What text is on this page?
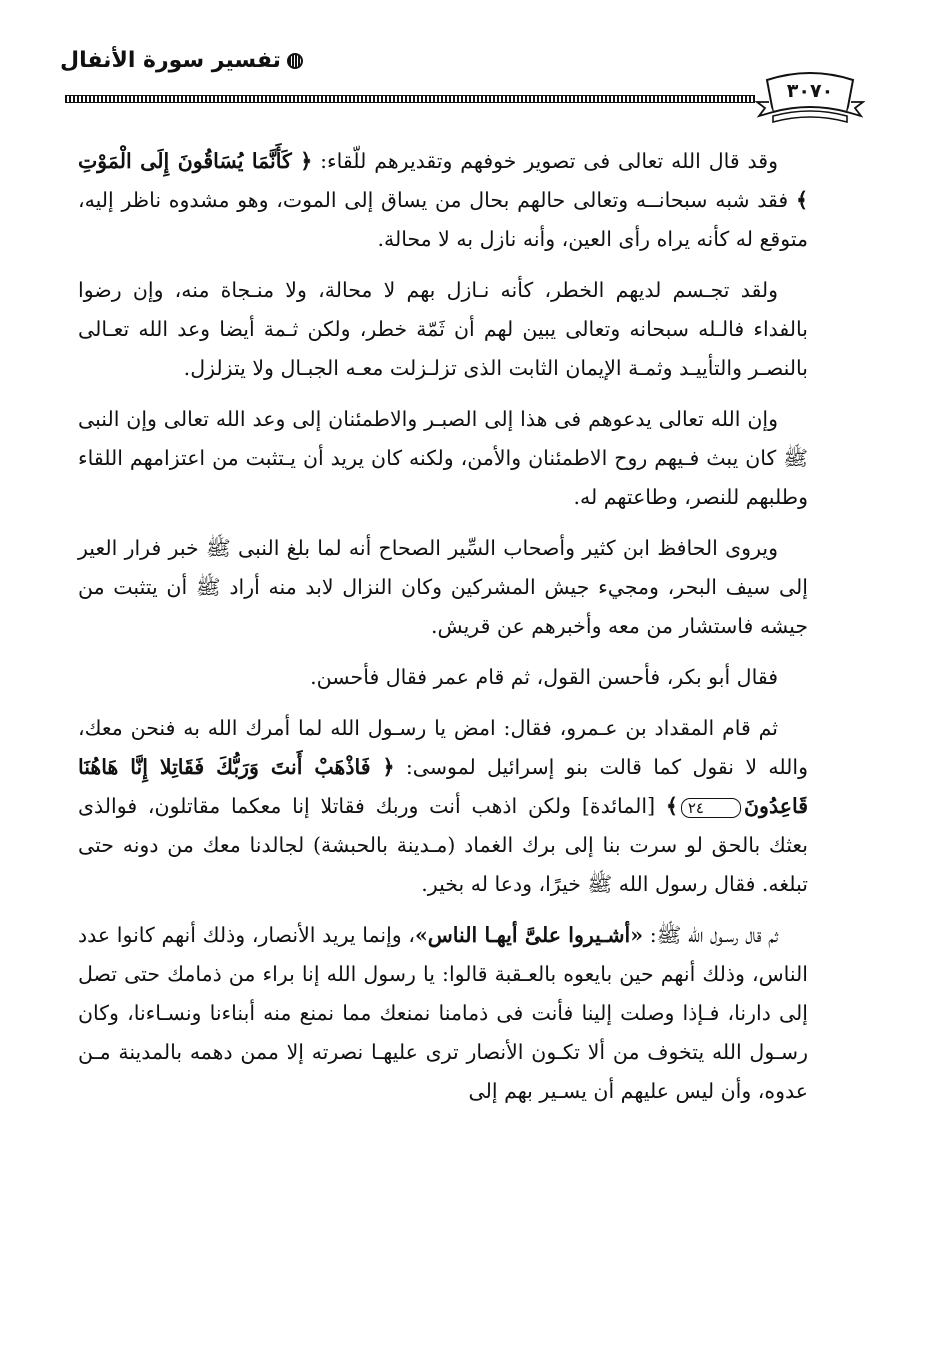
تفسير سورة الأنفال
٣٠٧٠

وقد قال الله تعالى فى تصوير خوفهم وتقديرهم للّقاء: ﴿ كَأَنَّمَا يُسَاقُونَ إِلَى الْمَوْتِ ﴾ فقد شبه سبحانــه وتعالى حالهم بحال من يساق إلى الموت، وهو مشدوه ناظر إليه، متوقع له كأنه يراه رأى العين، وأنه نازل به لا محالة.

ولقد تجـسم لديهم الخطر، كأنه نـازل بهم لا محالة، ولا منـجاة منه، وإن رضوا بالفداء فالـله سبحانه وتعالى يبين لهم أن ثَمّة خطر، ولكن ثـمة أيضا وعد الله تعـالى بالنصـر والتأييـد وثمـة الإيمان الثابت الذى تزلـزلت معـه الجبـال ولا يتزلزل.

وإن الله تعالى يدعوهم فى هذا إلى الصبـر والاطمئنان إلى وعد الله تعالى وإن النبى ﷺ كان يبث فـيهم روح الاطمئنان والأمن، ولكنه كان يريد أن يـتثبت من اعتزامهم اللقاء وطلبهم للنصر، وطاعتهم له.

ويروى الحافظ ابن كثير وأصحاب السِّير الصحاح أنه لما بلغ النبى ﷺ خبر فرار العير إلى سيف البحر، ومجيء جيش المشركين وكان النزال لابد منه أراد ﷺ أن يتثبت من جيشه فاستشار من معه وأخبرهم عن قريش.

فقال أبو بكر، فأحسن القول، ثم قام عمر فقال فأحسن.

ثم قام المقداد بن عـمرو، فقال: امض يا رسـول الله لما أمرك الله به فنحن معك، والله لا نقول كما قالت بنو إسرائيل لموسى: ﴿ فَاذْهَبْ أَنتَ وَرَبُّكَ فَقَاتِلا إِنَّا هَاهُنَا قَاعِدُونَ٢٤﴾ [المائدة] ولكن اذهب أنت وربك فقاتلا إنا معكما مقاتلون، فوالذى بعثك بالحق لو سرت بنا إلى برك الغماد (مـدينة بالحبشة) لجالدنا معك من دونه حتى تبلغه. فقال رسول الله ﷺ خيرًا، ودعا له بخير.

ثم قال رسـول الله ﷺ: «أشـيروا علىَّ أيهـا الناس»، وإنما يريد الأنصار، وذلك أنهم كانوا عدد الناس، وذلك أنهم حين بايعوه بالعـقبة قالوا: يا رسول الله إنا براء من ذمامك حتى تصل إلى دارنا، فـإذا وصلت إلينا فأنت فى ذمامنا نمنعك مما نمنع منه أبناءنا ونسـاءنا، وكان رسـول الله يتخوف من ألا تكـون الأنصار ترى عليهـا نصرته إلا ممن دهمه بالمدينة مـن عدوه، وأن ليس عليهم أن يسـير بهم إلى
